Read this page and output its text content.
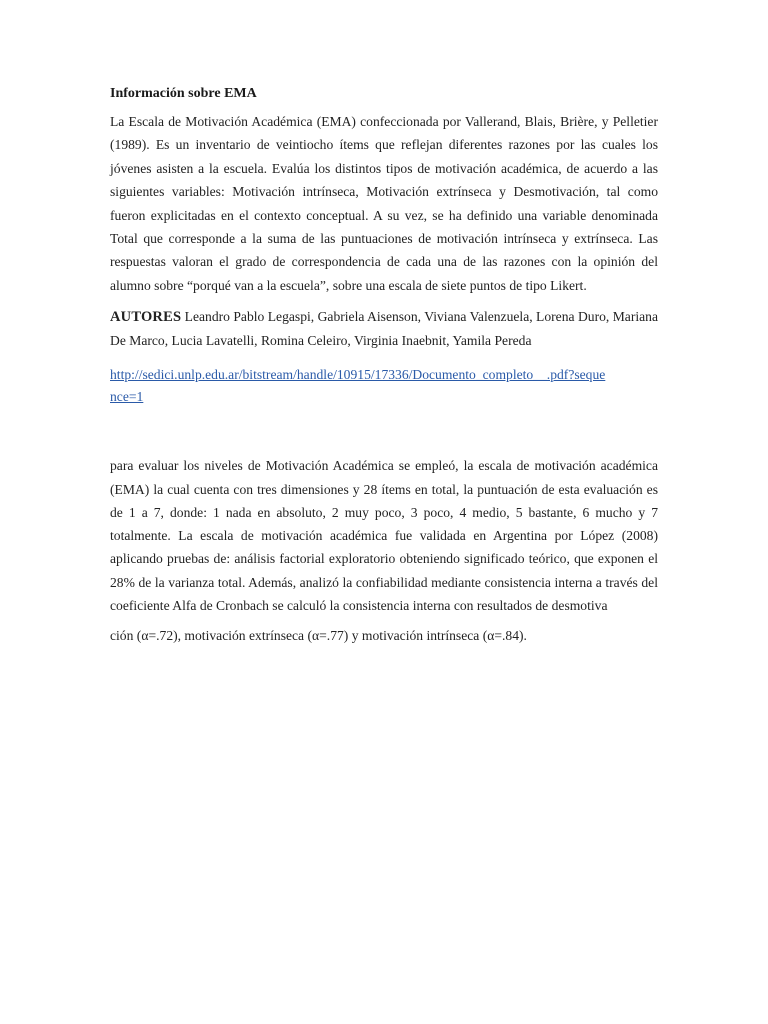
Información sobre EMA

La Escala de Motivación Académica (EMA) confeccionada por Vallerand, Blais, Brière, y Pelletier (1989). Es un inventario de veintiocho ítems que reflejan diferentes razones por las cuales los jóvenes asisten a la escuela. Evalúa los distintos tipos de motivación académica, de acuerdo a las siguientes variables: Motivación intrínseca, Motivación extrínseca y Desmotivación, tal como fueron explicitadas en el contexto conceptual. A su vez, se ha definido una variable denominada Total que corresponde a la suma de las puntuaciones de motivación intrínseca y extrínseca. Las respuestas valoran el grado de correspondencia de cada una de las razones con la opinión del alumno sobre “porqué van a la escuela”, sobre una escala de siete puntos de tipo Likert.

AUTORES Leandro Pablo Legaspi, Gabriela Aisenson, Viviana Valenzuela, Lorena Duro, Mariana De Marco, Lucia Lavatelli, Romina Celeiro, Virginia Inaebnit, Yamila Pereda

http://sedici.unlp.edu.ar/bitstream/handle/10915/17336/Documento_completo__.pdf?sequence=1

para evaluar los niveles de Motivación Académica se empleó, la escala de motivación académica (EMA) la cual cuenta con tres dimensiones y 28 ítems en total, la puntuación de esta evaluación es de 1 a 7, donde: 1 nada en absoluto, 2 muy poco, 3 poco, 4 medio, 5 bastante, 6 mucho y 7 totalmente. La escala de motivación académica fue validada en Argentina por López (2008) aplicando pruebas de: análisis factorial exploratorio obteniendo significado teórico, que exponen el 28% de la varianza total. Además, analizó la confiabilidad mediante consistencia interna a través del coeficiente Alfa de Cronbach se calculó la consistencia interna con resultados de desmotiva

ción (α=.72), motivación extrínseca (α=.77) y motivación intrínseca (α=.84).
